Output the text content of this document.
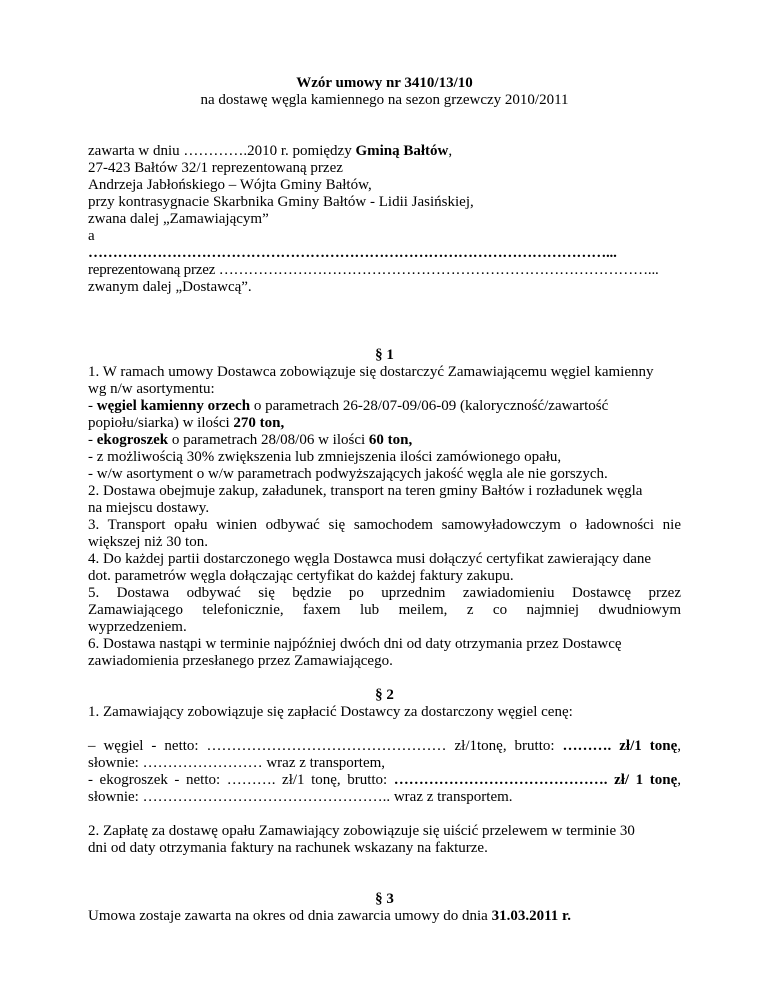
Wzór umowy nr 3410/13/10
na dostawę węgla kamiennego na sezon grzewczy 2010/2011
zawarta w dniu ………….2010 r. pomiędzy Gminą Bałtów,
27-423 Bałtów 32/1 reprezentowaną przez
Andrzeja Jabłońskiego – Wójta Gminy Bałtów,
przy kontrasygnacie Skarbnika Gminy Bałtów - Lidii Jasińskiej,
zwana dalej „Zamawiającym”
a
……………………………………………………………………………………………...
reprezentowaną przez ……………………………………………………………………………...
zwanym dalej „Dostawcą”.
§ 1
1. W ramach umowy Dostawca zobowiązuje się dostarczyć Zamawiającemu węgiel kamienny
wg n/w asortymentu:
- węgiel kamienny orzech o parametrach 26-28/07-09/06-09 (kaloryczność/zawartość
popiołu/siarka) w ilości 270 ton,
- ekogroszek o parametrach 28/08/06 w ilości 60 ton,
- z możliwością 30% zwiększenia lub zmniejszenia ilości zamówionego opału,
- w/w asortyment o w/w parametrach podwyższających jakość węgla ale nie gorszych.
2. Dostawa obejmuje zakup, załadunek, transport na teren gminy Bałtów i rozładunek węgla
na miejscu dostawy.
3. Transport opału winien odbywać się samochodem samowyładowczym o ładowności nie
większej niż 30 ton.
4. Do każdej partii dostarczonego węgla Dostawca musi dołączyć certyfikat zawierający dane
dot. parametrów węgla dołączając certyfikat do każdej faktury zakupu.
5. Dostawa odbywać się będzie po uprzednim zawiadomieniu Dostawcę przez
Zamawiającego telefonicznie, faxem lub meilem, z co najmniej dwudniowym
wyprzedzeniem.
6. Dostawa nastąpi w terminie najpóźniej dwóch dni od daty otrzymania przez Dostawcę
zawiadomienia przesłanego przez Zamawiającego.
§ 2
1. Zamawiający zobowiązuje się zapłacić Dostawcy za dostarczony węgiel cenę:
– węgiel - netto: ………………………………………… zł/1tonę, brutto: ………. zł/1 tonę,
słownie: …………………… wraz z transportem,
- ekogroszek - netto: ………. zł/1 tonę, brutto: ……………………………………. zł/ 1 tonę,
słownie: ………………………………………….. wraz z transportem.
2. Zapłatę za dostawę opału Zamawiający zobowiązuje się uiścić przelewem w terminie 30
dni od daty otrzymania faktury na rachunek wskazany na fakturze.
§ 3
Umowa zostaje zawarta na okres od dnia zawarcia umowy do dnia 31.03.2011 r.
